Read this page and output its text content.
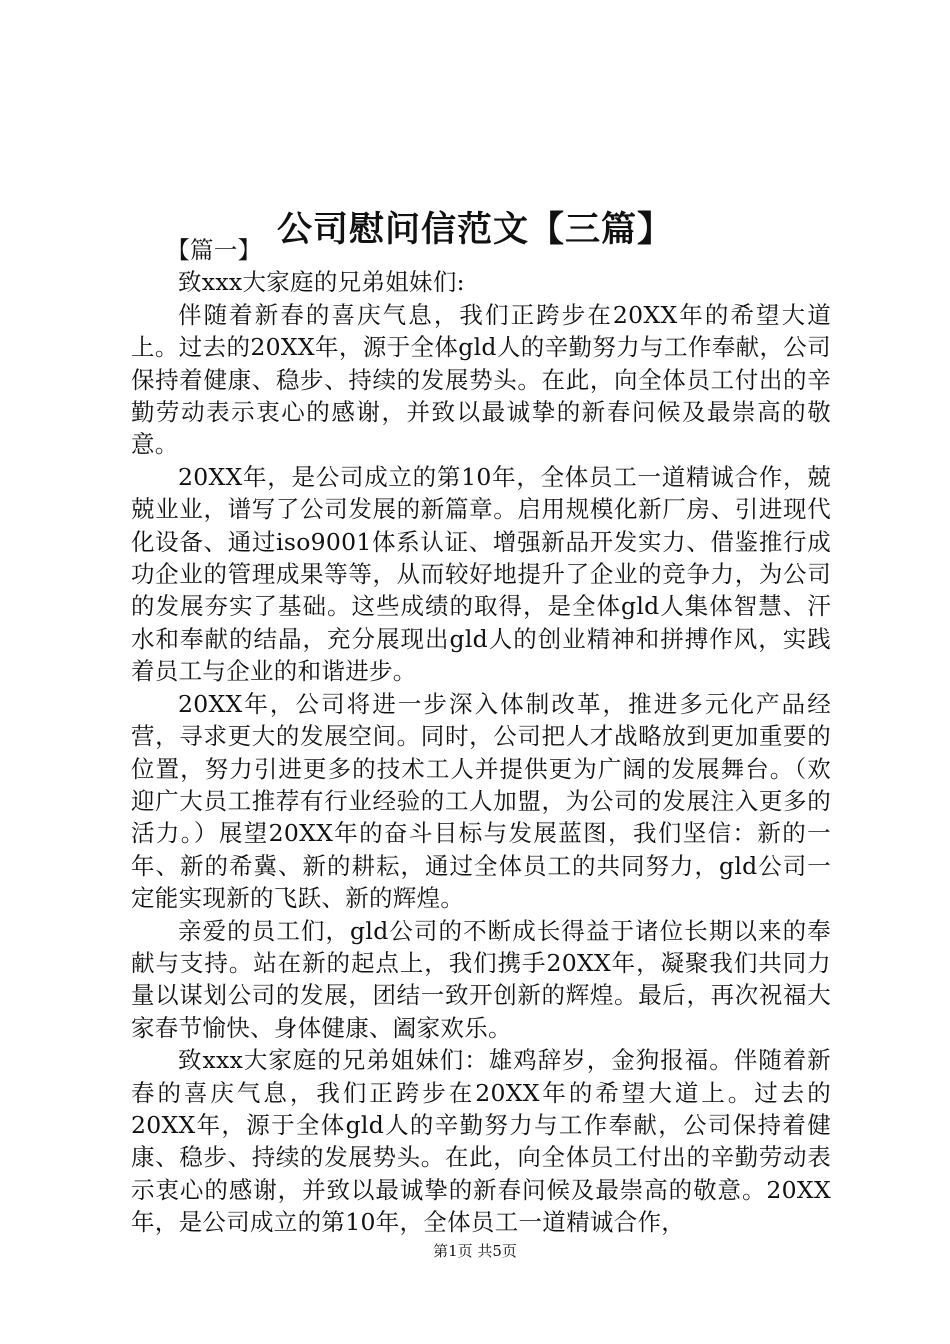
公司慰问信范文【三篇】

【篇一】

致xxx大家庭的兄弟姐妹们:

伴随着新春的喜庆气息，我们正跨步在20XX年的希望大道上。过去的20XX年，源于全体gld人的辛勤努力与工作奉献，公司保持着健康、稳步、持续的发展势头。在此，向全体员工付出的辛勤劳动表示衷心的感谢，并致以最诚挚的新春问候及最崇高的敬意。

20XX年，是公司成立的第10年，全体员工一道精诚合作，兢兢业业，谱写了公司发展的新篇章。启用规模化新厂房、引进现代化设备、通过iso9001体系认证、增强新品开发实力、借鉴推行成功企业的管理成果等等，从而较好地提升了企业的竞争力，为公司的发展夯实了基础。这些成绩的取得，是全体gld人集体智慧、汗水和奉献的结晶，充分展现出gld人的创业精神和拼搏作风，实践着员工与企业的和谐进步。

20XX年，公司将进一步深入体制改革，推进多元化产品经营，寻求更大的发展空间。同时，公司把人才战略放到更加重要的位置，努力引进更多的技术工人并提供更为广阔的发展舞台。（欢迎广大员工推荐有行业经验的工人加盟，为公司的发展注入更多的活力。）展望20XX年的奋斗目标与发展蓝图，我们坚信：新的一年、新的希冀、新的耕耘，通过全体员工的共同努力，gld公司一定能实现新的飞跃、新的辉煌。

亲爱的员工们，gld公司的不断成长得益于诸位长期以来的奉献与支持。站在新的起点上，我们携手20XX年，凝聚我们共同力量以谋划公司的发展，团结一致开创新的辉煌。最后，再次祝福大家春节愉快、身体健康、阖家欢乐。

致xxx大家庭的兄弟姐妹们：雄鸡辞岁，金狗报福。伴随着新春的喜庆气息，我们正跨步在20XX年的希望大道上。过去的20XX年，源于全体gld人的辛勤努力与工作奉献，公司保持着健康、稳步、持续的发展势头。在此，向全体员工付出的辛勤劳动表示衷心的感谢，并致以最诚挚的新春问候及最崇高的敬意。20XX年，是公司成立的第10年，全体员工一道精诚合作，

第1页 共5页
